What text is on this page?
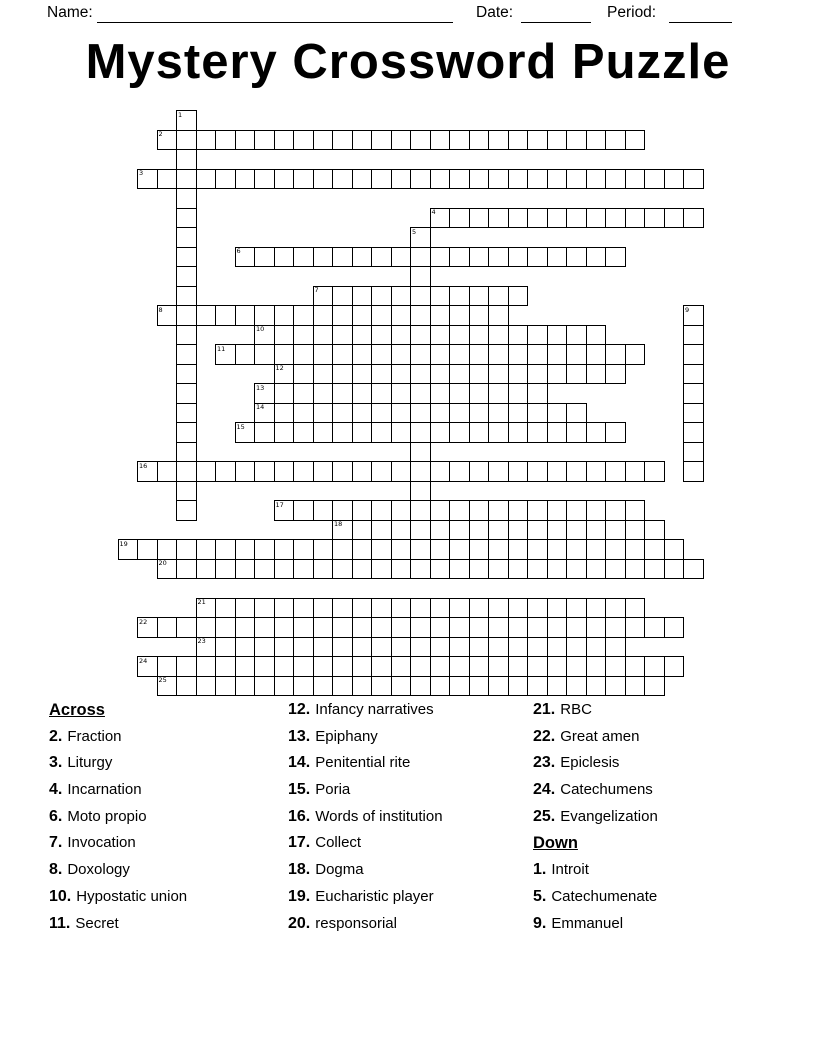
Name:	Date:	Period:
Mystery Crossword Puzzle
2
3
4
6
7
8
10
11
12
13
14
15
16
17
18
19
20
21
22
23
24
25
1
5
9
Across
2. Fraction
3. Liturgy
4. Incarnation
6. Moto propio
7. Invocation
8. Doxology
10. Hypostatic union
11. Secret
12. Infancy narratives
13. Epiphany
14. Penitential rite
15. Poria
16. Words of institution
17. Collect
18. Dogma
19. Eucharistic player
20. responsorial
21. RBC
22. Great amen
23. Epiclesis
24. Catechumens
25. Evangelization
Down
1. Introit
5. Catechumenate
9. Emmanuel
